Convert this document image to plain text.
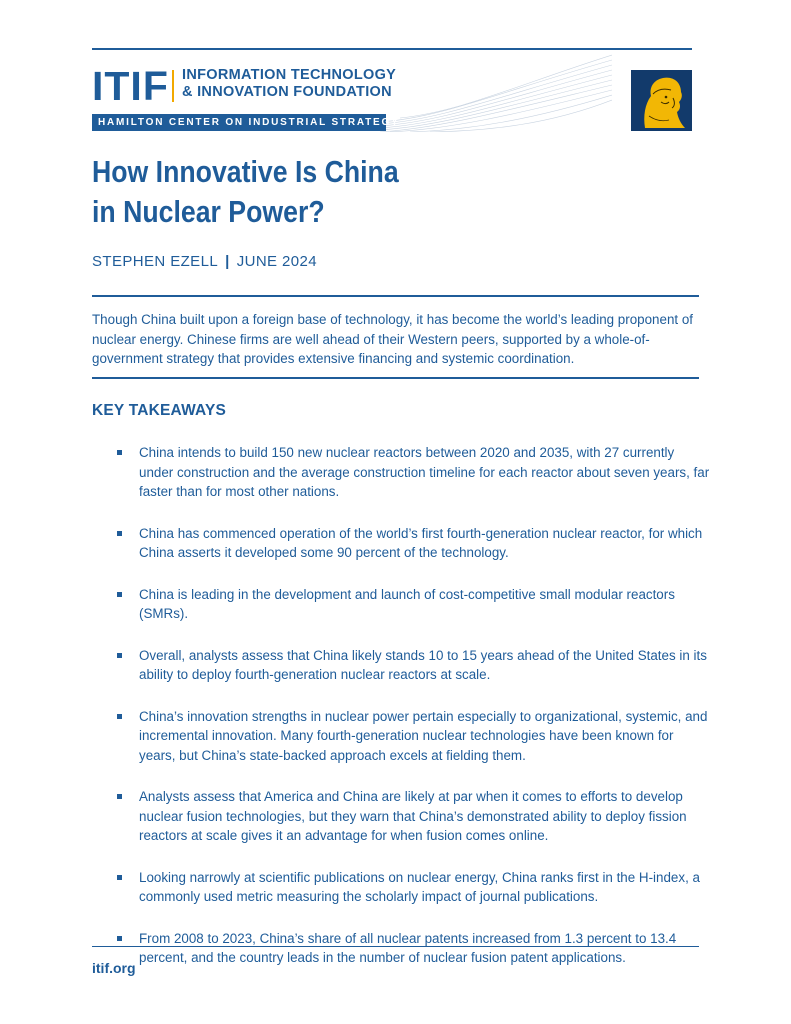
ITIF INFORMATION TECHNOLOGY
& INNOVATION FOUNDATION
HAMILTON CENTER ON INDUSTRIAL STRATEGY
How Innovative Is China
in Nuclear Power?
STEPHEN EZELL | JUNE 2024
Though China built upon a foreign base of technology, it has become the world’s leading proponent of nuclear energy. Chinese firms are well ahead of their Western peers, supported by a whole-of-government strategy that provides extensive financing and systemic coordination.
KEY TAKEAWAYS
China intends to build 150 new nuclear reactors between 2020 and 2035, with 27 currently under construction and the average construction timeline for each reactor about seven years, far faster than for most other nations.
China has commenced operation of the world’s first fourth-generation nuclear reactor, for which China asserts it developed some 90 percent of the technology.
China is leading in the development and launch of cost-competitive small modular reactors (SMRs).
Overall, analysts assess that China likely stands 10 to 15 years ahead of the United States in its ability to deploy fourth-generation nuclear reactors at scale.
China’s innovation strengths in nuclear power pertain especially to organizational, systemic, and incremental innovation. Many fourth-generation nuclear technologies have been known for years, but China’s state-backed approach excels at fielding them.
Analysts assess that America and China are likely at par when it comes to efforts to develop nuclear fusion technologies, but they warn that China’s demonstrated ability to deploy fission reactors at scale gives it an advantage for when fusion comes online.
Looking narrowly at scientific publications on nuclear energy, China ranks first in the H-index, a commonly used metric measuring the scholarly impact of journal publications.
From 2008 to 2023, China’s share of all nuclear patents increased from 1.3 percent to 13.4 percent, and the country leads in the number of nuclear fusion patent applications.
itif.org
